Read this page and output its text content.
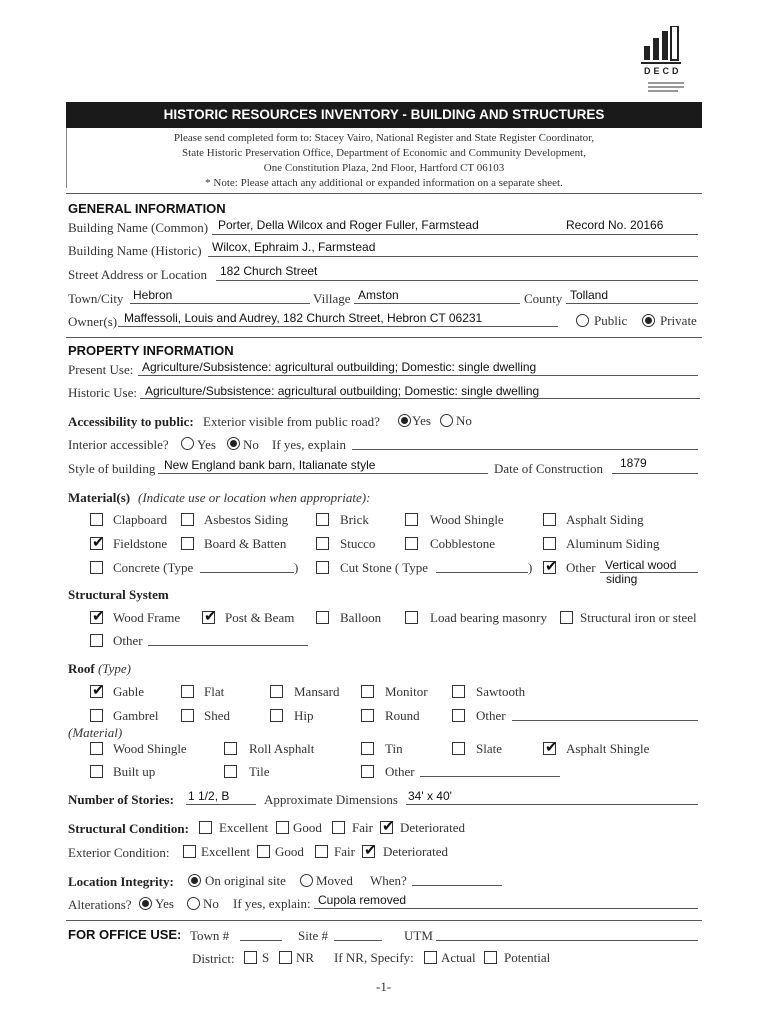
DECD
HISTORIC RESOURCES INVENTORY - BUILDING AND STRUCTURES
Please send completed form to: Stacey Vairo, National Register and State Register Coordinator,
State Historic Preservation Office, Department of Economic and Community Development,
One Constitution Plaza, 2nd Floor, Hartford CT 06103
* Note: Please attach any additional or expanded information on a separate sheet.
GENERAL INFORMATION
Building Name (Common) Porter, Della Wilcox and Roger Fuller, Farmstead	Record No. 20166
Building Name (Historic) Wilcox, Ephraim J., Farmstead
Street Address or Location 182 Church Street
Town/City Hebron	Village Amston	County Tolland
Owner(s) Maffessoli, Louis and Audrey, 182 Church Street, Hebron CT 06231	Public	Private
PROPERTY INFORMATION
Present Use: Agriculture/Subsistence: agricultural outbuilding; Domestic: single dwelling
Historic Use: Agriculture/Subsistence: agricultural outbuilding; Domestic: single dwelling
Accessibility to public: Exterior visible from public road? Yes No
Interior accessible? Yes No If yes, explain
Style of building New England bank barn, Italianate style	Date of Construction 1879
Material(s) (Indicate use or location when appropriate):
Clapboard	Asbestos Siding	Brick	Wood Shingle	Asphalt Siding
✔ Fieldstone	Board & Batten	Stucco	Cobblestone	Aluminum Siding
Concrete (Type	)	Cut Stone ( Type	) ✔ Other Vertical wood
siding
Structural System
✔ Wood Frame ✔ Post & Beam	Balloon	Load bearing masonry	Structural iron or steel
Other
Roof (Type)
✔ Gable	Flat	Mansard	Monitor	Sawtooth
Gambrel	Shed	Hip	Round	Other
(Material)
Wood Shingle	Roll Asphalt	Tin	Slate	✔ Asphalt Shingle
Built up	Tile	Other
Number of Stories: 1 1/2, B	Approximate Dimensions 34' x 40'
Structural Condition: Excellent Good Fair ✔ Deteriorated
Exterior Condition: Excellent Good Fair ✔ Deteriorated
Location Integrity: On original site Moved When?
Alterations? Yes No If yes, explain: Cupola removed
FOR OFFICE USE: Town #	Site #	UTM
District: S NR If NR, Specify: Actual Potential
-1-
